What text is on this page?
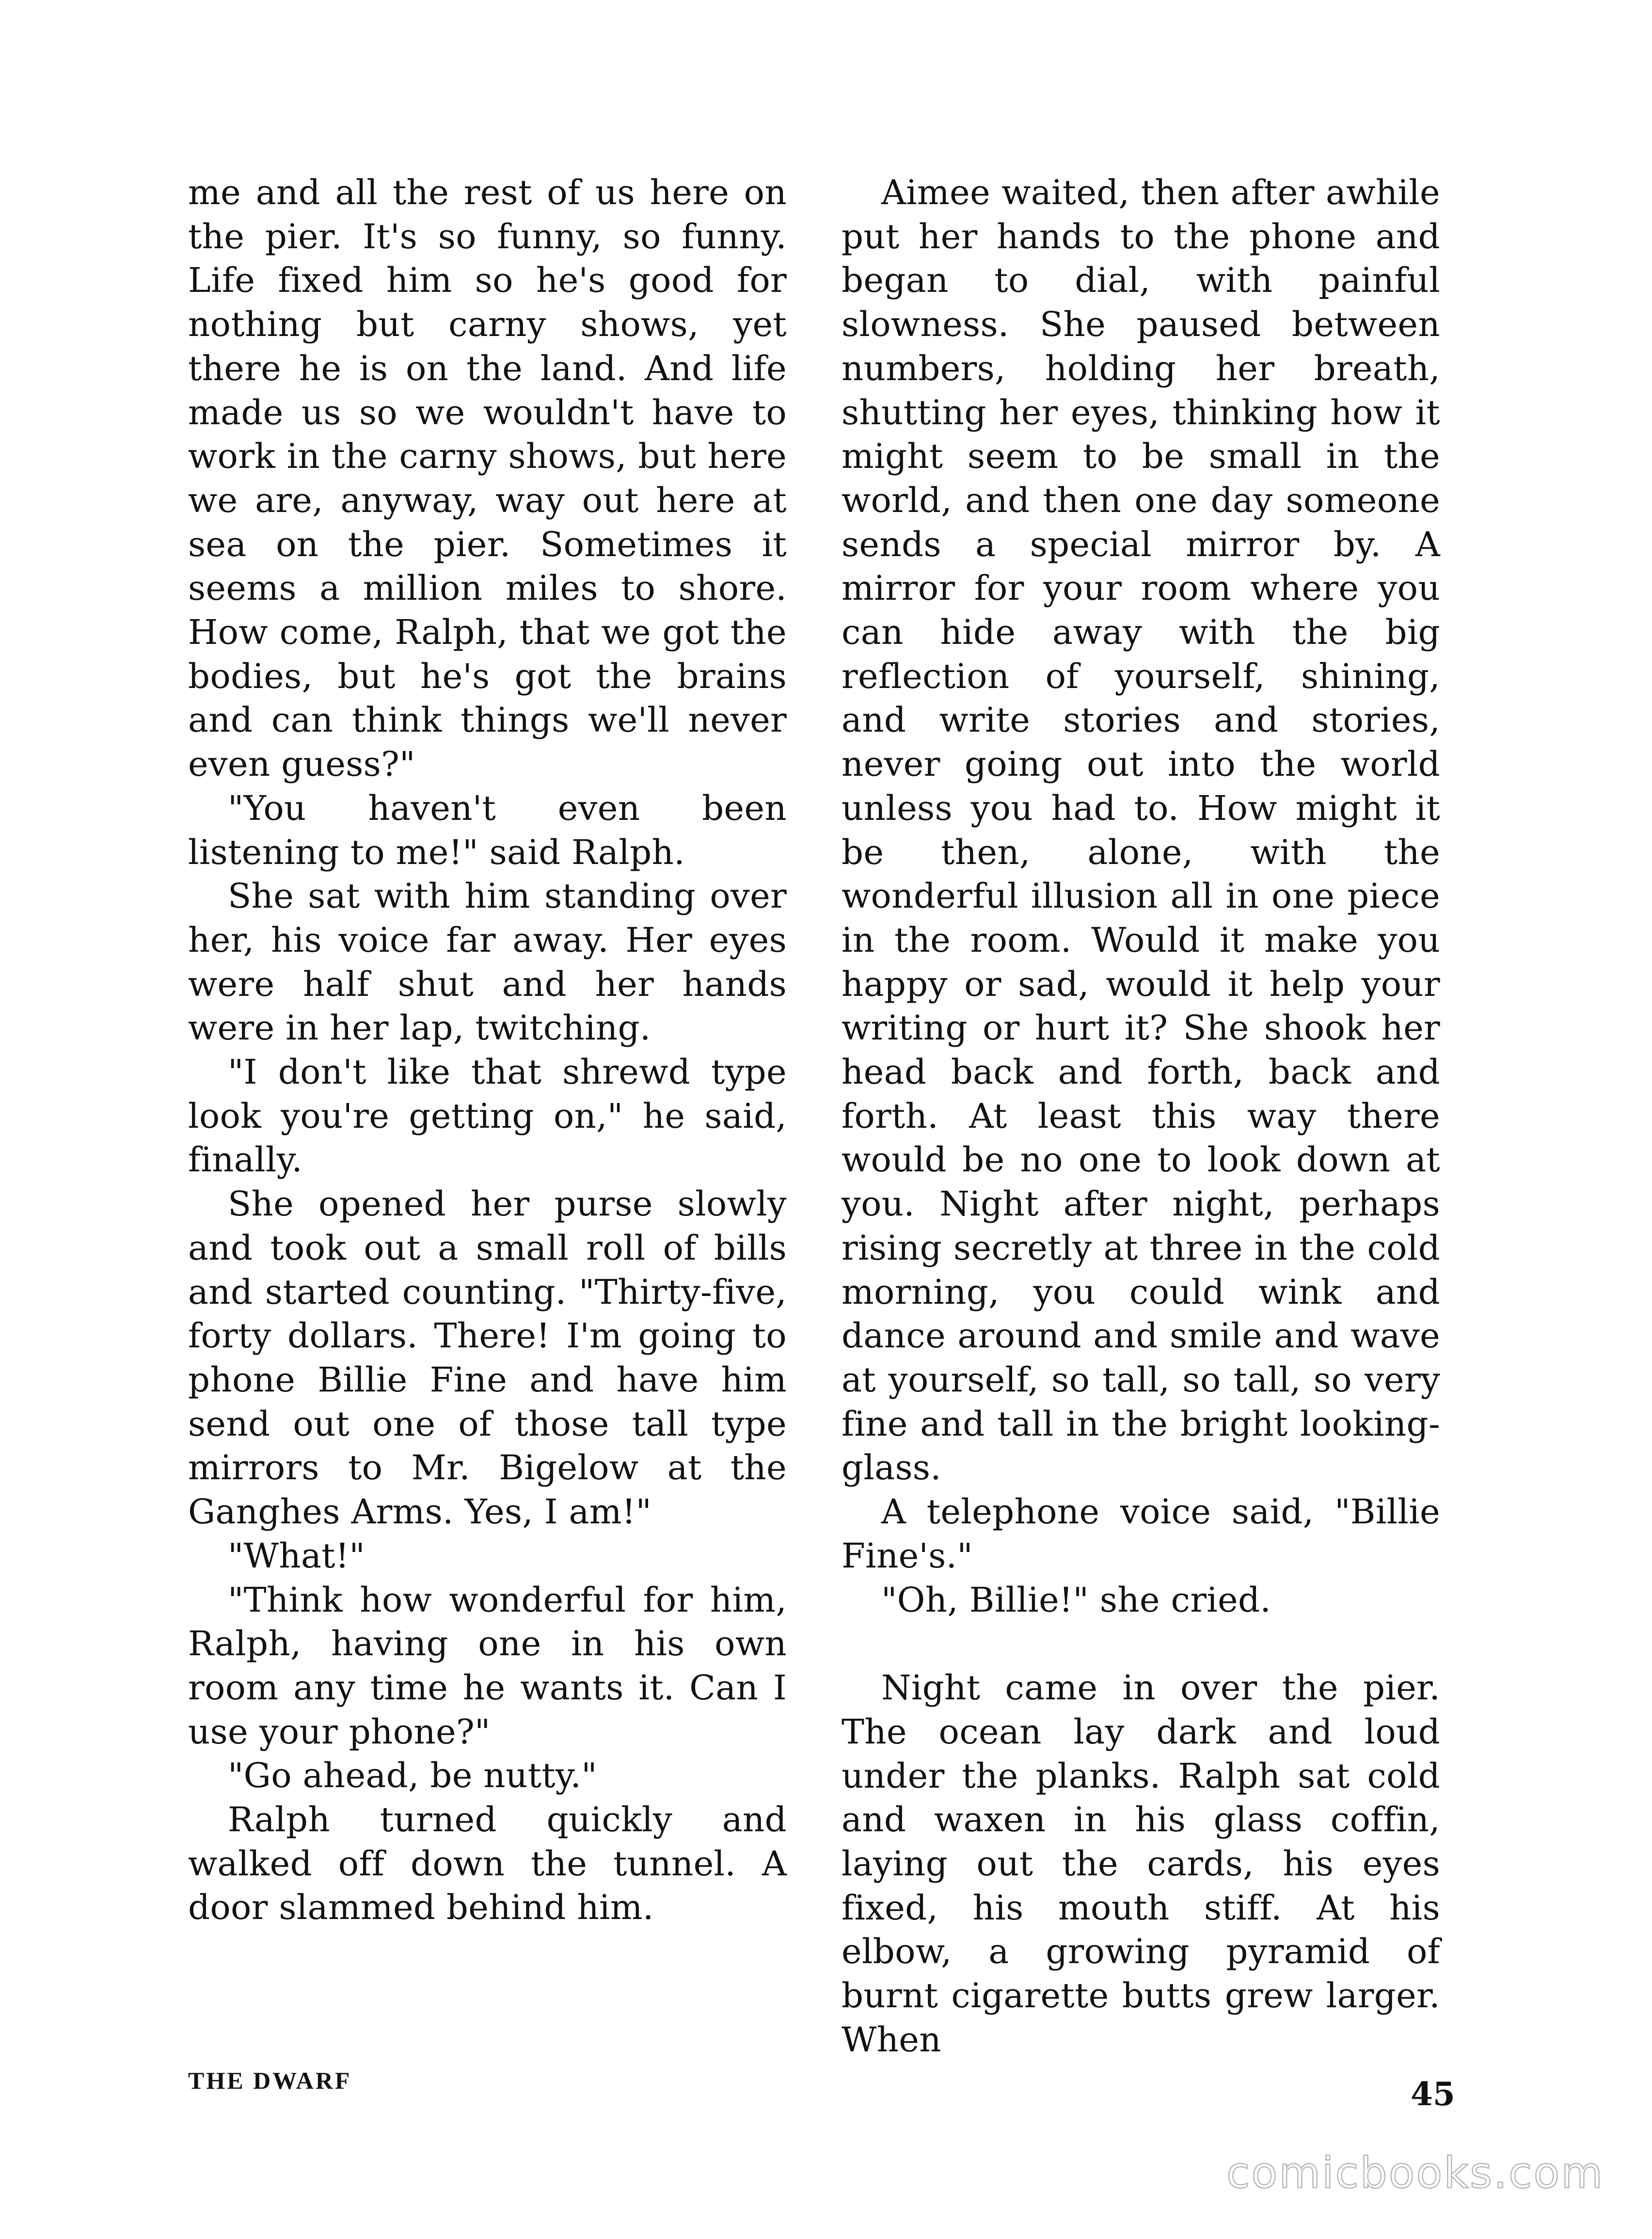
me and all the rest of us here on the pier. It's so funny, so funny. Life fixed him so he's good for nothing but carny shows, yet there he is on the land. And life made us so we wouldn't have to work in the carny shows, but here we are, anyway, way out here at sea on the pier. Sometimes it seems a million miles to shore. How come, Ralph, that we got the bodies, but he's got the brains and can think things we'll never even guess?"

"You haven't even been listening to me!" said Ralph.

She sat with him standing over her, his voice far away. Her eyes were half shut and her hands were in her lap, twitching.

"I don't like that shrewd type look you're getting on," he said, finally.

She opened her purse slowly and took out a small roll of bills and started counting. "Thirty-five, forty dollars. There! I'm going to phone Billie Fine and have him send out one of those tall type mirrors to Mr. Bigelow at the Ganghes Arms. Yes, I am!"

"What!"

"Think how wonderful for him, Ralph, having one in his own room any time he wants it. Can I use your phone?"

"Go ahead, be nutty."

Ralph turned quickly and walked off down the tunnel. A door slammed behind him.

Aimee waited, then after awhile put her hands to the phone and began to dial, with painful slowness. She paused between numbers, holding her breath, shutting her eyes, thinking how it might seem to be small in the world, and then one day someone sends a special mirror by. A mirror for your room where you can hide away with the big reflection of yourself, shining, and write stories and stories, never going out into the world unless you had to. How might it be then, alone, with the wonderful illusion all in one piece in the room. Would it make you happy or sad, would it help your writing or hurt it? She shook her head back and forth, back and forth. At least this way there would be no one to look down at you. Night after night, perhaps rising secretly at three in the cold morning, you could wink and dance around and smile and wave at yourself, so tall, so tall, so very fine and tall in the bright looking-glass.

A telephone voice said, "Billie Fine's."

"Oh, Billie!" she cried.

Night came in over the pier. The ocean lay dark and loud under the planks. Ralph sat cold and waxen in his glass coffin, laying out the cards, his eyes fixed, his mouth stiff. At his elbow, a growing pyramid of burnt cigarette butts grew larger. When

THE DWARF	45
comicbooks.com
